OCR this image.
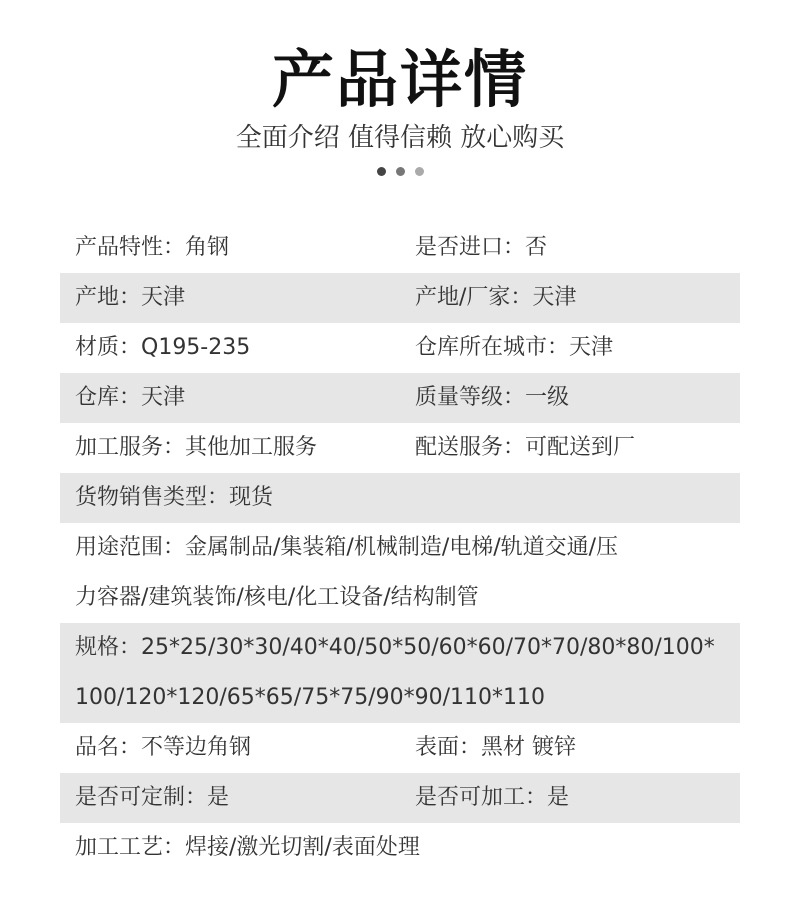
产品详情
全面介绍 值得信赖 放心购买
产品特性：角钢	是否进口：否
产地：天津	产地/厂家：天津
材质：Q195-235	仓库所在城市：天津
仓库：天津	质量等级：一级
加工服务：其他加工服务	配送服务：可配送到厂
货物销售类型：现货
用途范围：金属制品/集装箱/机械制造/电梯/轨道交通/压
力容器/建筑装饰/核电/化工设备/结构制管
规格：25*25/30*30/40*40/50*50/60*60/70*70/80*80/100*
100/120*120/65*65/75*75/90*90/110*110
品名：不等边角钢	表面：黑材 镀锌
是否可定制：是	是否可加工：是
加工工艺：焊接/激光切割/表面处理
